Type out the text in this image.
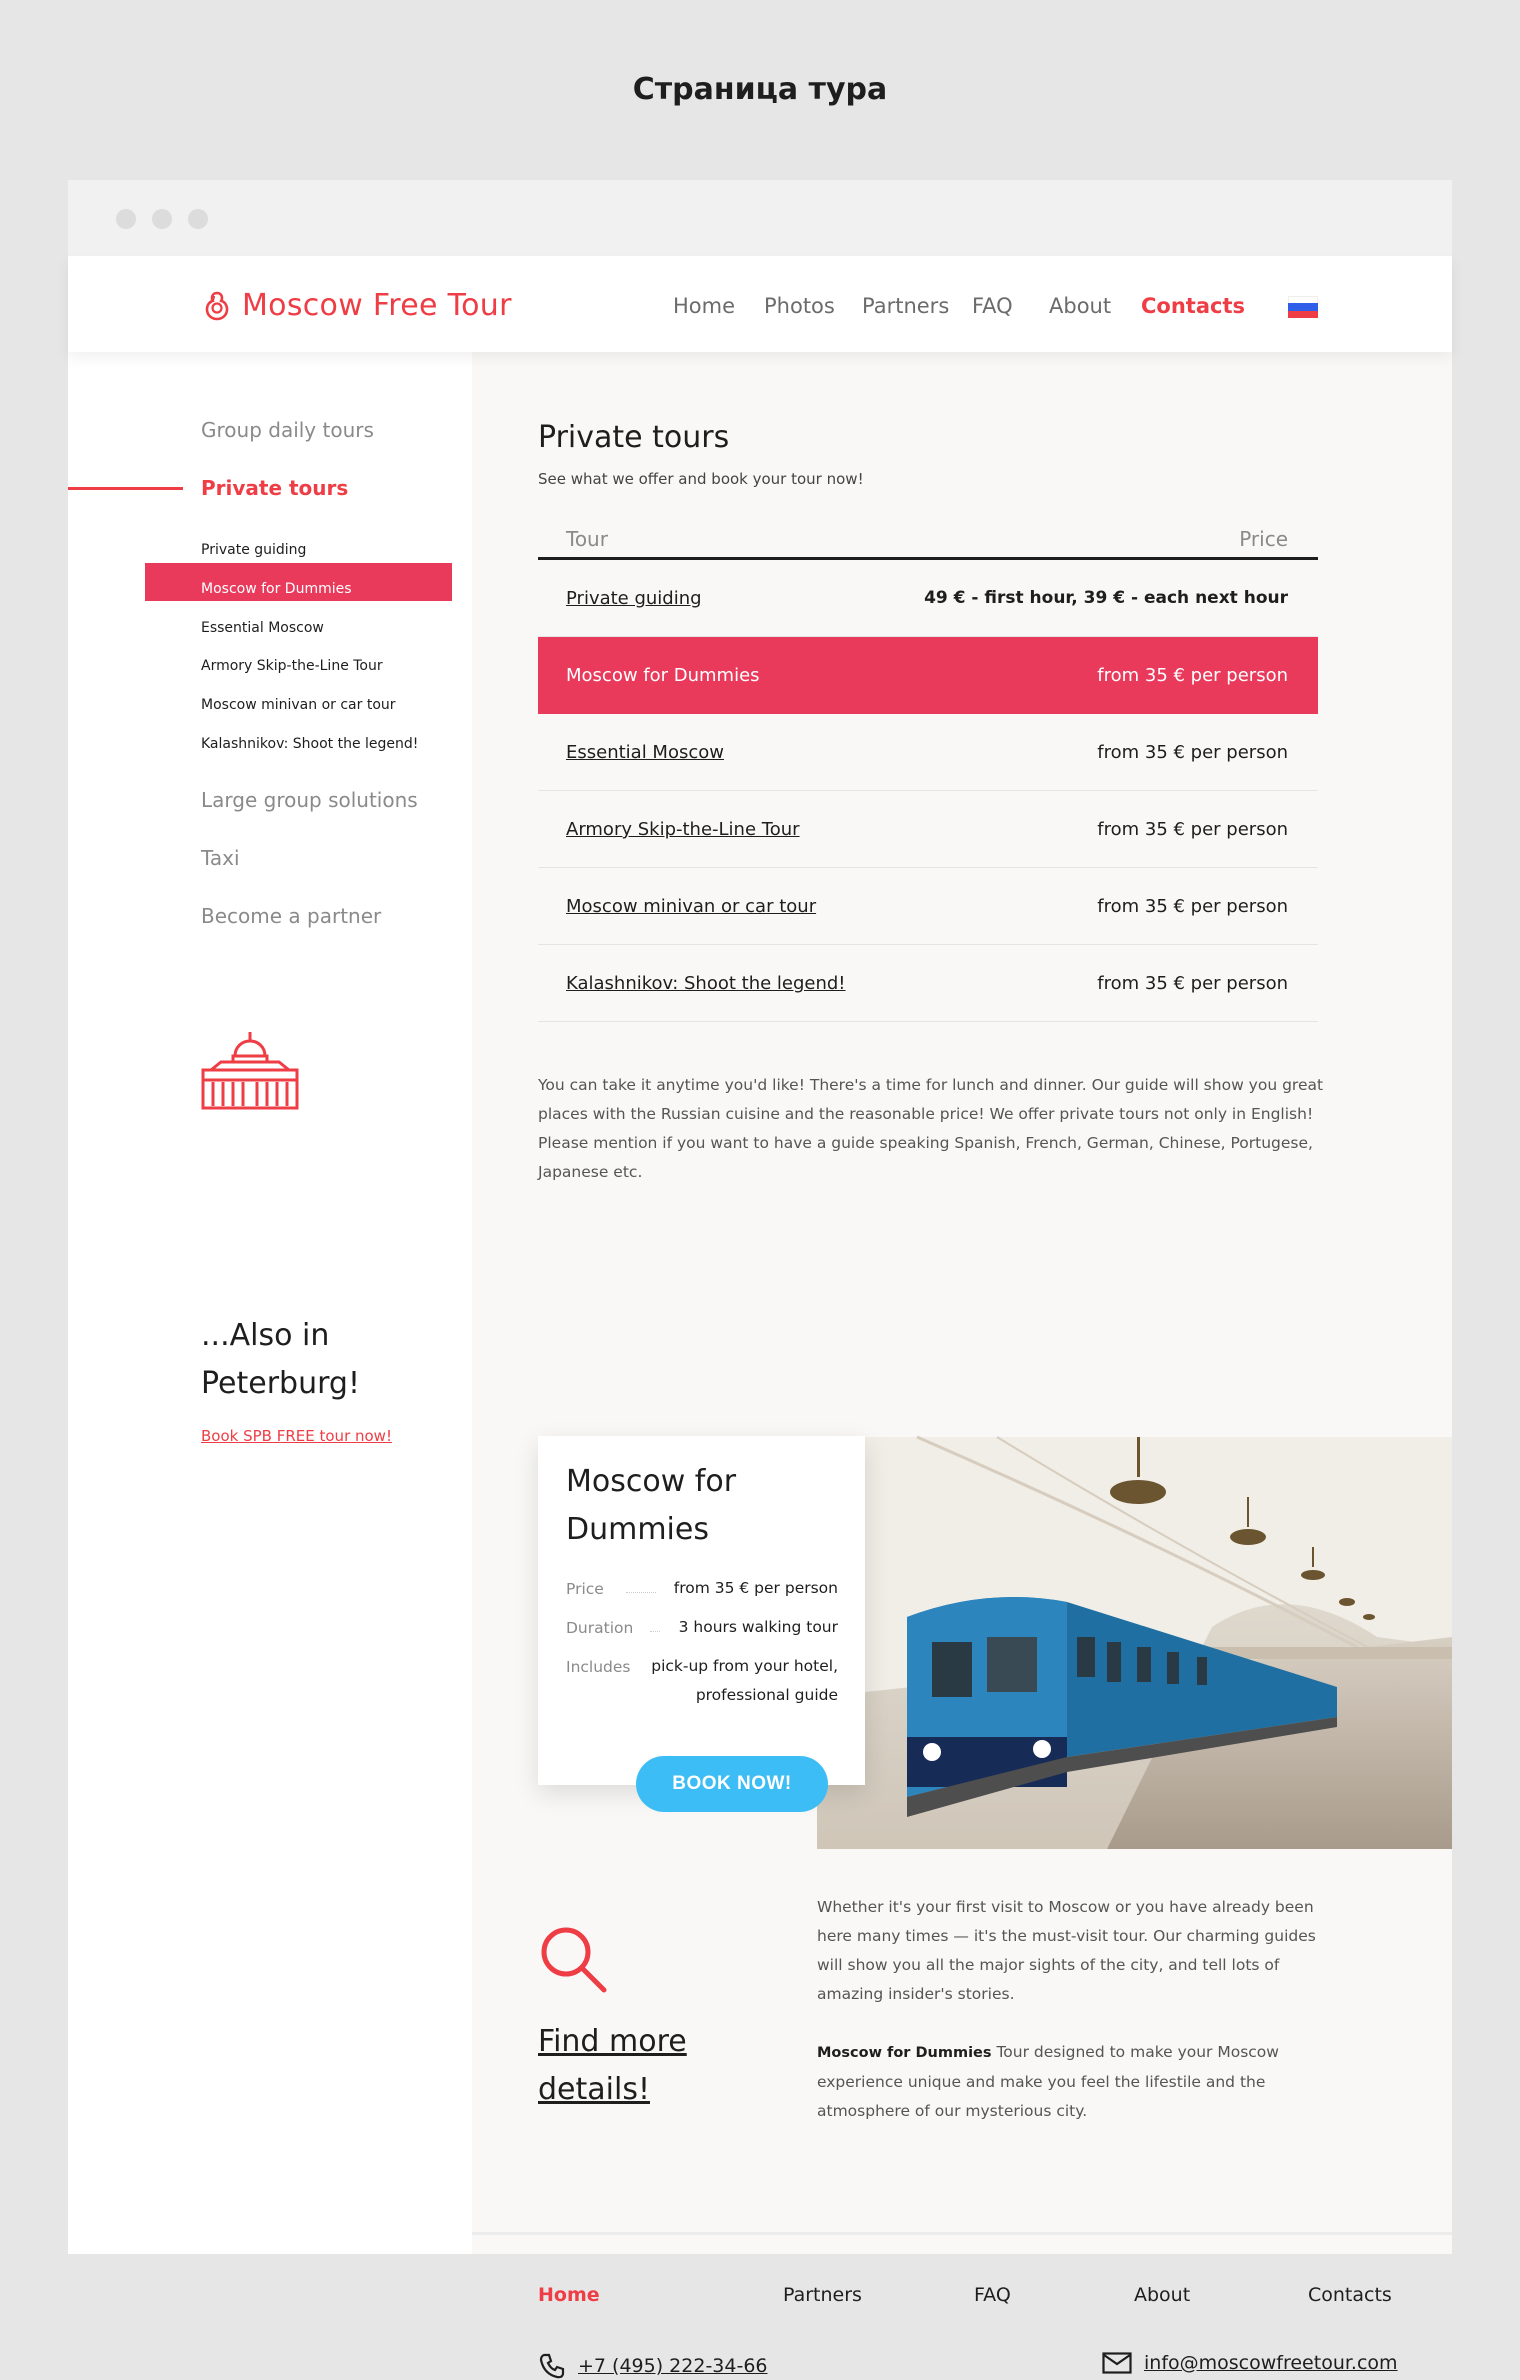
Страница тура
Moscow Free Tour	Home Photos Partners FAQ About Contacts
Group daily tours
Private tours
Private guiding
Moscow for Dummies
Essential Moscow
Armory Skip-the-Line Tour
Moscow minivan or car tour
Kalashnikov: Shoot the legend!
Large group solutions
Taxi
Become a partner
...Also in Peterburg!
Book SPB FREE tour now!
Private tours
See what we offer and book your tour now!
Tour	Price
Private guiding	49 € - first hour, 39 € - each next hour
Moscow for Dummies	from 35 € per person
Essential Moscow	from 35 € per person
Armory Skip-the-Line Tour	from 35 € per person
Moscow minivan or car tour	from 35 € per person
Kalashnikov: Shoot the legend!	from 35 € per person

You can take it anytime you'd like! There's a time for lunch and dinner. Our guide will show you great places with the Russian cuisine and the reasonable price! We offer private tours not only in English! Please mention if you want to have a guide speaking Spanish, French, German, Chinese, Portugese, Japanese etc.

Moscow for Dummies
Price	from 35 € per person
Duration	3 hours walking tour
Includes pick-up from your hotel,
professional guide
BOOK NOW!
Find more details!

Whether it's your first visit to Moscow or you have already been here many times — it's the must-visit tour. Our charming guides will show you all the major sights of the city, and tell lots of amazing insider's stories.

Moscow for Dummies Tour designed to make your Moscow experience unique and make you feel the lifestile and the atmosphere of our mysterious city.

Home	Partners	FAQ	About	Contacts
+7 (495) 222-34-66	info@moscowfreetour.com
